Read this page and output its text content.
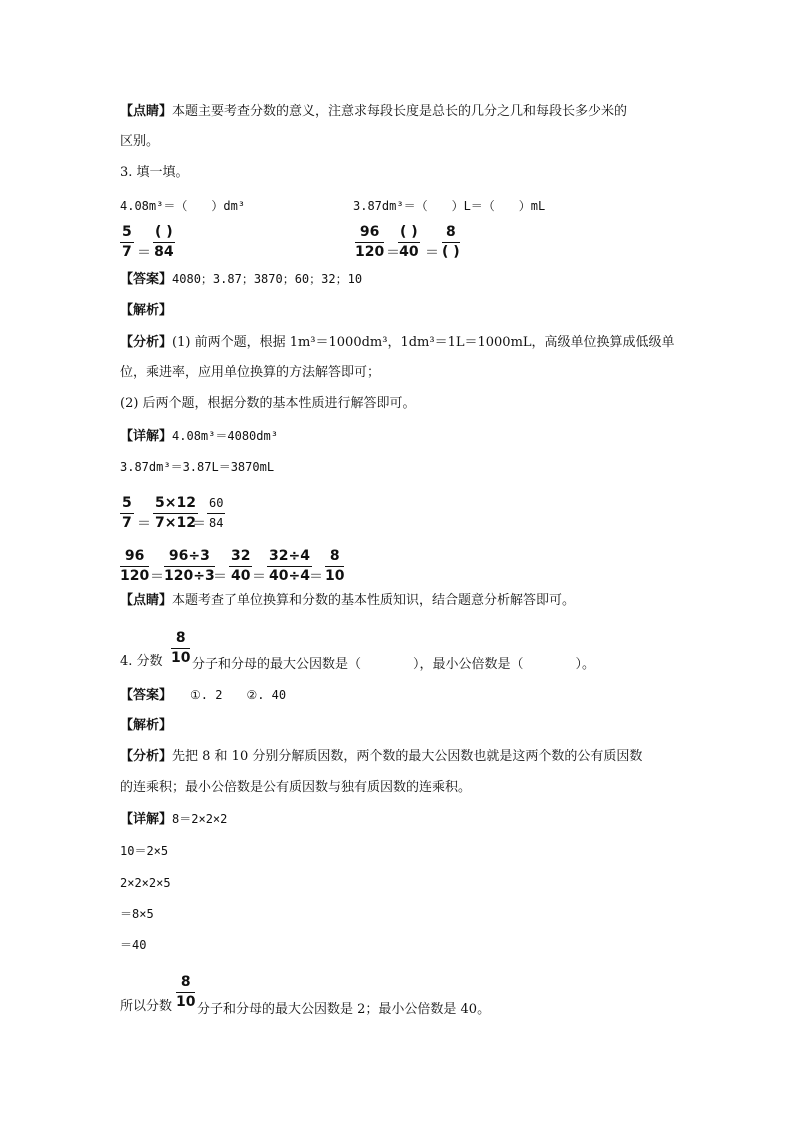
【点睛】本题主要考查分数的意义，注意求每段长度是总长的几分之几和每段长多少米的
区别。
3. 填一填。
4.08m³＝（　　）dm³	3.87dm³＝（　　）L＝（　　）mL
$\frac{5}{7}$ ＝
( )
84	$\frac{96}{120}$ ＝
( )
40 ＝
8
( )
【答案】4080；3.87；3870；60；32；10
【解析】
【分析】(1) 前两个题，根据 1m³＝1000dm³，1dm³＝1L＝1000mL，高级单位换算成低级单
位，乘进率，应用单位换算的方法解答即可；
(2) 后两个题，根据分数的基本性质进行解答即可。
【详解】4.08m³＝4080dm³
3.87dm³＝3.87L＝3870mL
$\frac{5}{7} = \frac{5\times 12}{7\times 12}$
＝ $\frac{60}{84}$
$\frac{96}{120} = \frac{96\div 3}{120\div 3}$
＝ $\frac{32}{40} = \frac{32\div 4}{40\div 4}$
＝ $\frac{8}{10}$
【点睛】本题考查了单位换算和分数的基本性质知识，结合题意分析解答即可。
4. 分数 $\frac{8}{10}$ 分子和分母的最大公因数是（　　　　），最小公倍数是（　　　　）。
【答案】 ①. 2　　②. 40
【解析】
【分析】先把 8 和 10 分别分解质因数，两个数的最大公因数也就是这两个数的公有质因数
的连乘积；最小公倍数是公有质因数与独有质因数的连乘积。
【详解】8＝2×2×2
10＝2×5
2×2×2×5
＝8×5
＝40
所以分数 $\frac{8}{10}$ 分子和分母的最大公因数是 2；最小公倍数是 40。
